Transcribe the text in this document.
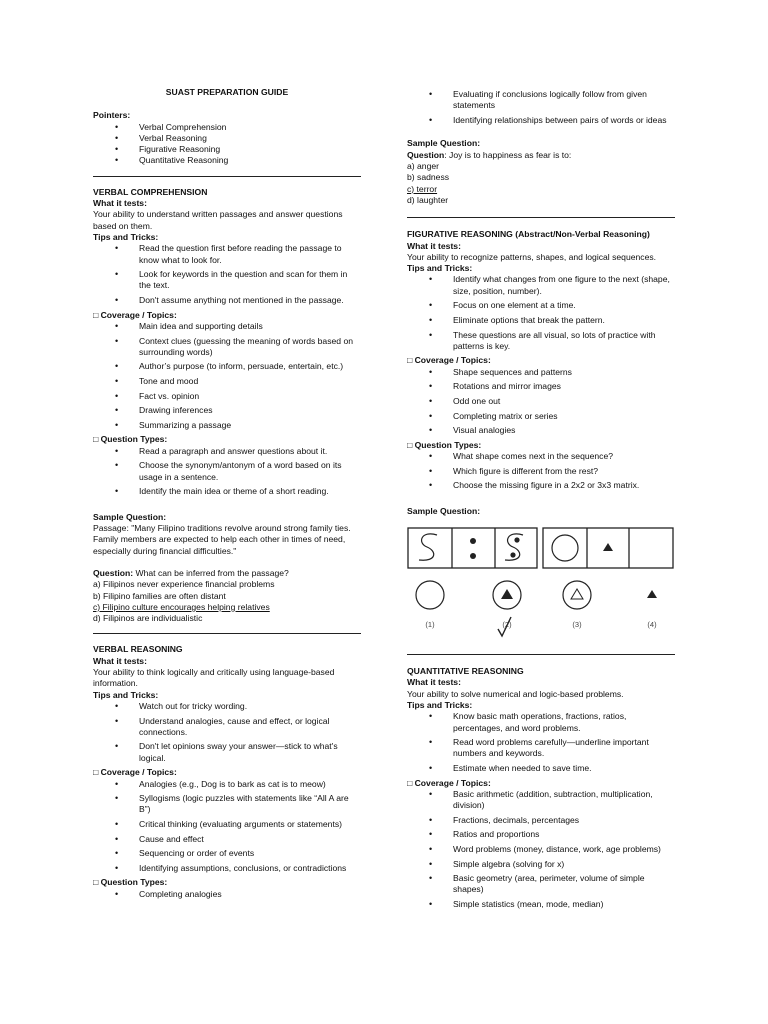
SUAST PREPARATION GUIDE
Pointers:
• Verbal Comprehension
• Verbal Reasoning
• Figurative Reasoning
• Quantitative Reasoning
VERBAL COMPREHENSION
What it tests:
Your ability to understand written passages and answer questions based on them.
Tips and Tricks:
• Read the question first before reading the passage to know what to look for.
• Look for keywords in the question and scan for them in the text.
• Don't assume anything not mentioned in the passage.
□ Coverage / Topics:
• Main idea and supporting details
• Context clues (guessing the meaning of words based on surrounding words)
• Author’s purpose (to inform, persuade, entertain, etc.)
• Tone and mood
• Fact vs. opinion
• Drawing inferences
• Summarizing a passage
□ Question Types:
• Read a paragraph and answer questions about it.
• Choose the synonym/antonym of a word based on its usage in a sentence.
• Identify the main idea or theme of a short reading.
Sample Question:
Passage: "Many Filipino traditions revolve around strong family ties. Family members are expected to help each other in times of need, especially during financial difficulties."
Question: What can be inferred from the passage?
a) Filipinos never experience financial problems
b) Filipino families are often distant
c) Filipino culture encourages helping relatives
d) Filipinos are individualistic
VERBAL REASONING
What it tests:
Your ability to think logically and critically using language-based information.
Tips and Tricks:
• Watch out for tricky wording.
• Understand analogies, cause and effect, or logical connections.
• Don't let opinions sway your answer—stick to what's logical.
□ Coverage / Topics:
• Analogies (e.g., Dog is to bark as cat is to meow)
• Syllogisms (logic puzzles with statements like “All A are B”)
• Critical thinking (evaluating arguments or statements)
• Cause and effect
• Sequencing or order of events
• Identifying assumptions, conclusions, or contradictions
□ Question Types:
• Completing analogies
• Evaluating if conclusions logically follow from given statements
• Identifying relationships between pairs of words or ideas
Sample Question:
Question: Joy is to happiness as fear is to:
a) anger
b) sadness
c) terror
d) laughter
FIGURATIVE REASONING (Abstract/Non-Verbal Reasoning)
What it tests:
Your ability to recognize patterns, shapes, and logical sequences.
Tips and Tricks:
• Identify what changes from one figure to the next (shape, size, position, number).
• Focus on one element at a time.
• Eliminate options that break the pattern.
• These questions are all visual, so lots of practice with patterns is key.
□ Coverage / Topics:
• Shape sequences and patterns
• Rotations and mirror images
• Odd one out
• Completing matrix or series
• Visual analogies
□ Question Types:
• What shape comes next in the sequence?
• Which figure is different from the rest?
• Choose the missing figure in a 2x2 or 3x3 matrix.
Sample Question:
(1)	(2)	(3)	(4)
QUANTITATIVE REASONING
What it tests:
Your ability to solve numerical and logic-based problems.
Tips and Tricks:
• Know basic math operations, fractions, ratios, percentages, and word problems.
• Read word problems carefully—underline important numbers and keywords.
• Estimate when needed to save time.
□ Coverage / Topics:
• Basic arithmetic (addition, subtraction, multiplication, division)
• Fractions, decimals, percentages
• Ratios and proportions
• Word problems (money, distance, work, age problems)
• Simple algebra (solving for x)
• Basic geometry (area, perimeter, volume of simple shapes)
• Simple statistics (mean, mode, median)
